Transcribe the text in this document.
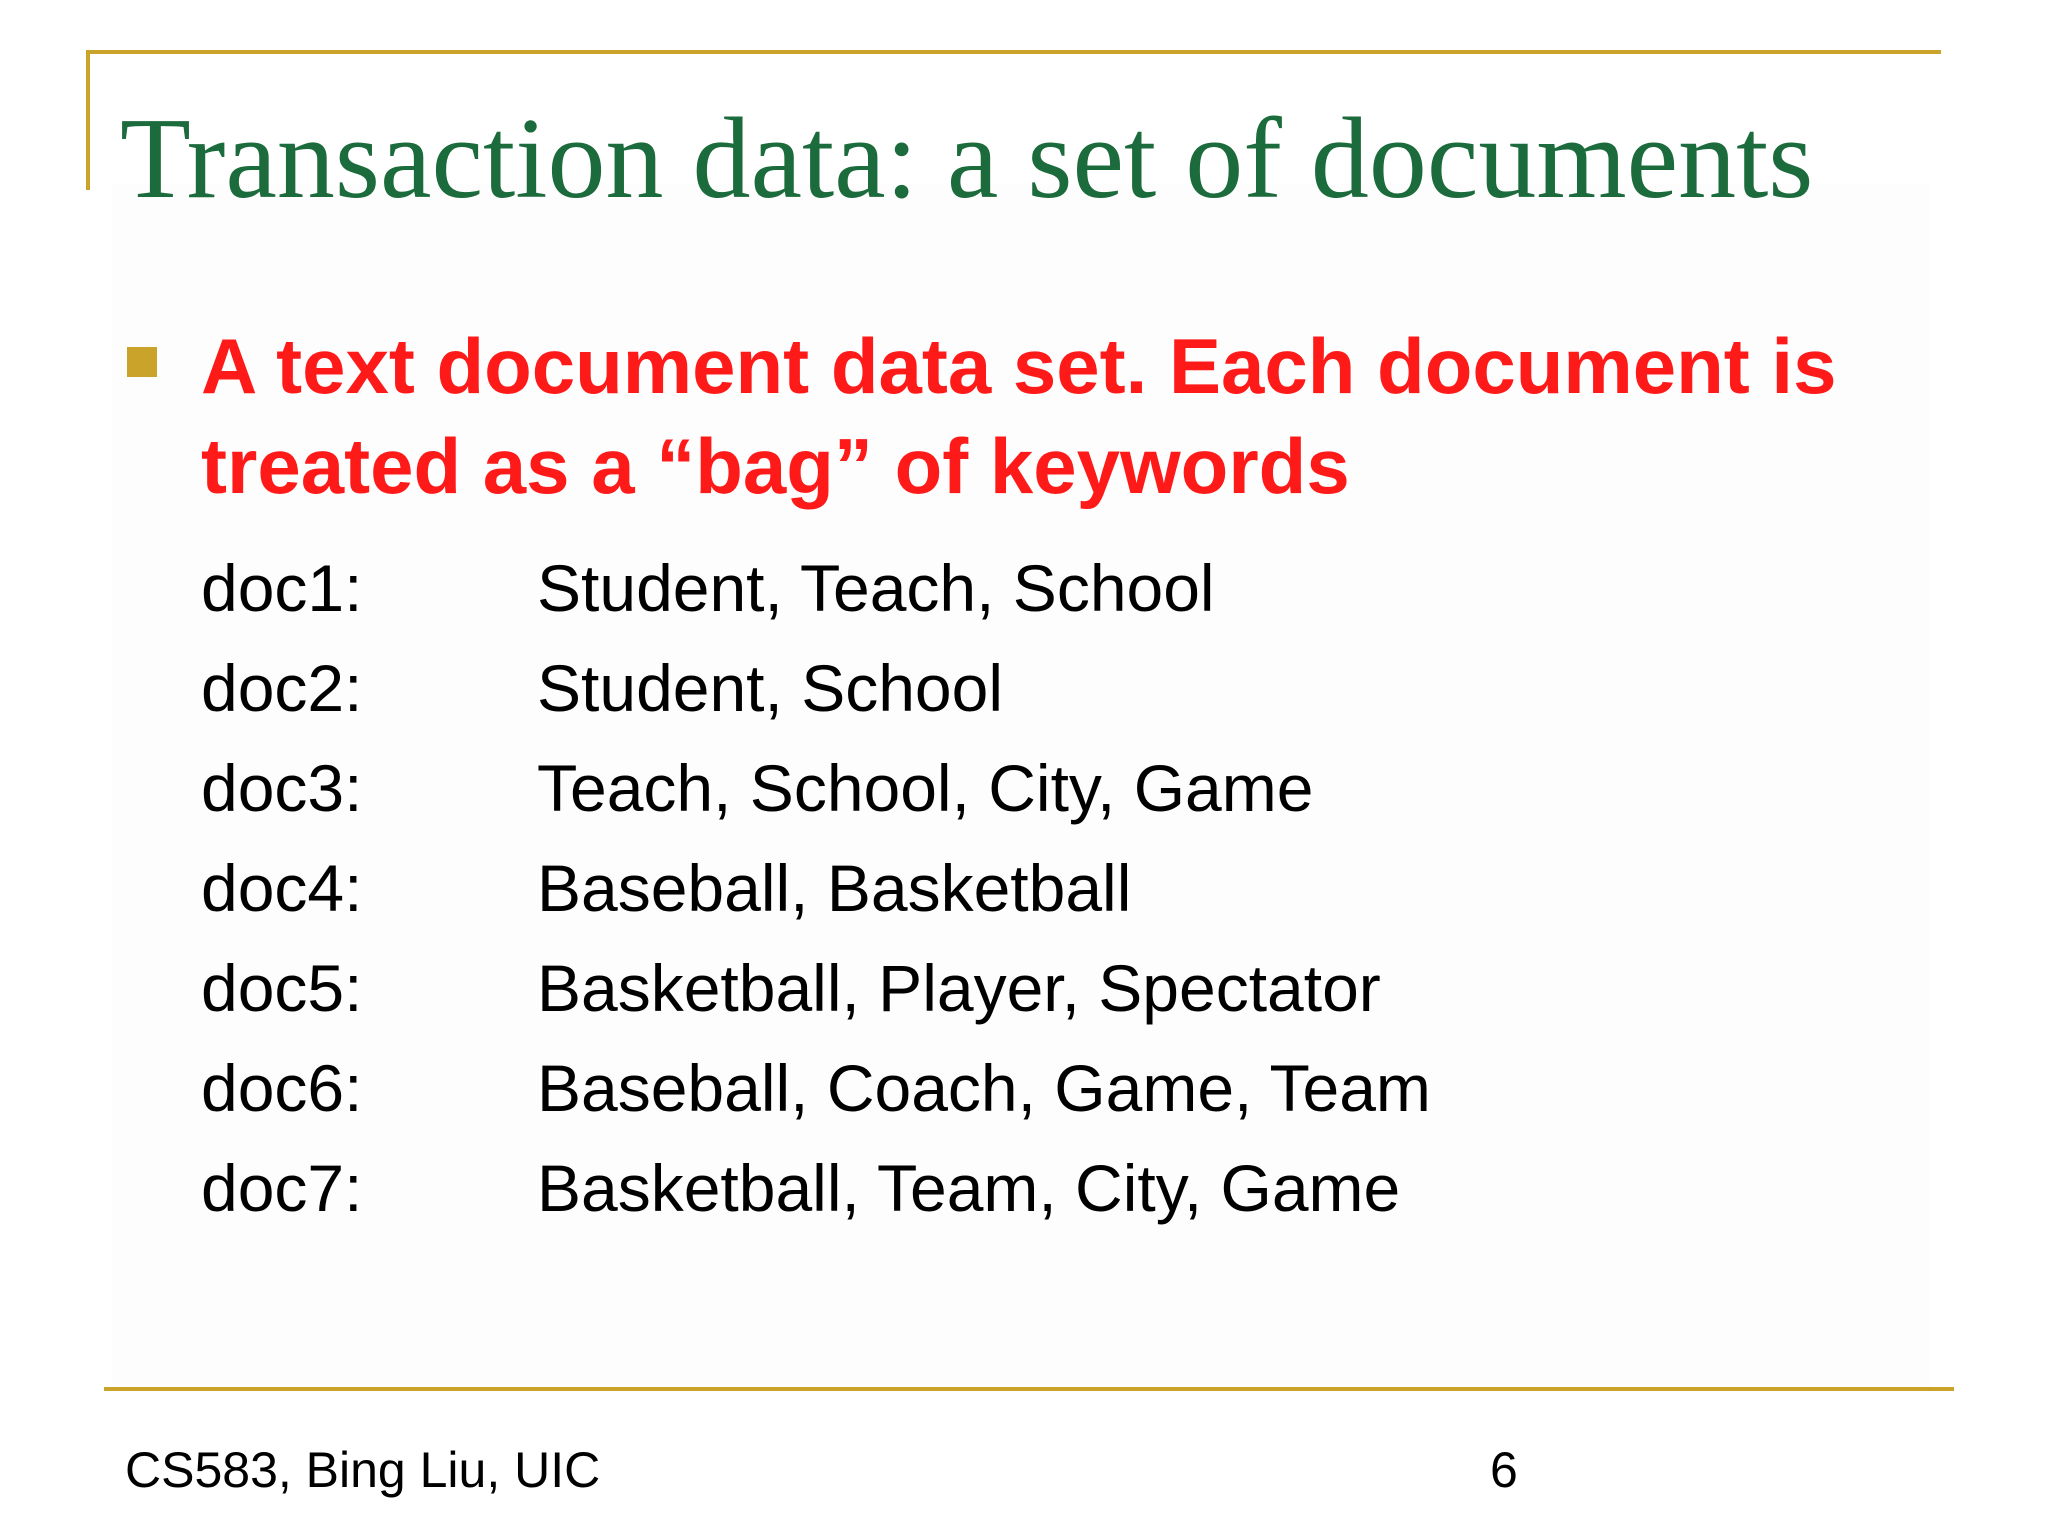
Transaction data: a set of documents

A text document data set. Each document is treated as a “bag” of keywords

doc1:	Student, Teach, School
doc2:	Student, School
doc3:	Teach, School, City, Game
doc4:	Baseball, Basketball
doc5:	Basketball, Player, Spectator
doc6:	Baseball, Coach, Game, Team
doc7:	Basketball, Team, City, Game
CS583, Bing Liu, UIC	6
